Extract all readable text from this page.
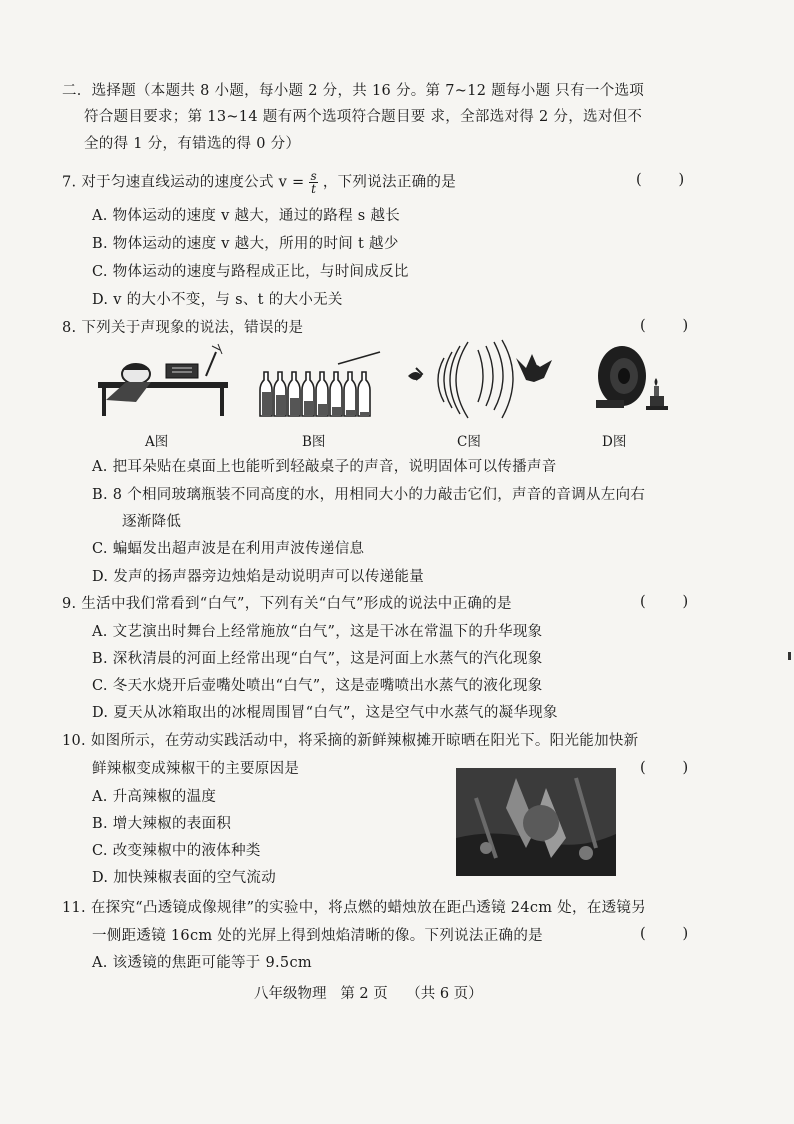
二．选择题（本题共 8 小题，每小题 2 分，共 16 分。第 7~12 题每小题 只有一个选项
符合题目要求；第 13~14 题有两个选项符合题目要 求，全部选对得 2 分，选对但不
全的得 1 分，有错选的得 0 分）
7. 对于匀速直线运动的速度公式 $v = \frac{s}{t}$ ，下列说法正确的是	(        )
A. 物体运动的速度 v 越大，通过的路程 s 越长
B. 物体运动的速度 v 越大，所用的时间 t 越少
C. 物体运动的速度与路程成正比，与时间成反比
D. v 的大小不变，与 s、t 的大小无关
8. 下列关于声现象的说法，错误的是	(        )
A图	B图	C图	D图
A. 把耳朵贴在桌面上也能听到轻敲桌子的声音，说明固体可以传播声音
B. 8 个相同玻璃瓶装不同高度的水，用相同大小的力敲击它们，声音的音调从左向右
逐渐降低
C. 蝙蝠发出超声波是在利用声波传递信息
D. 发声的扬声器旁边烛焰是动说明声可以传递能量
9. 生活中我们常看到“白气”，下列有关“白气”形成的说法中正确的是	(        )
A. 文艺演出时舞台上经常施放“白气”，这是干冰在常温下的升华现象
B. 深秋清晨的河面上经常出现“白气”，这是河面上水蒸气的汽化现象
C. 冬天水烧开后壶嘴处喷出“白气”，这是壶嘴喷出水蒸气的液化现象
D. 夏天从冰箱取出的冰棍周围冒“白气”，这是空气中水蒸气的凝华现象
10. 如图所示，在劳动实践活动中，将采摘的新鲜辣椒摊开晾晒在阳光下。阳光能加快新
鲜辣椒变成辣椒干的主要原因是	(        )
A. 升高辣椒的温度
B. 增大辣椒的表面积
C. 改变辣椒中的液体种类
D. 加快辣椒表面的空气流动
11. 在探究“凸透镜成像规律”的实验中，将点燃的蜡烛放在距凸透镜 24cm 处，在透镜另
一侧距透镜 16cm 处的光屏上得到烛焰清晰的像。下列说法正确的是	(        )
A. 该透镜的焦距可能等于 9.5cm
八年级物理   第 2 页    （共 6 页）
